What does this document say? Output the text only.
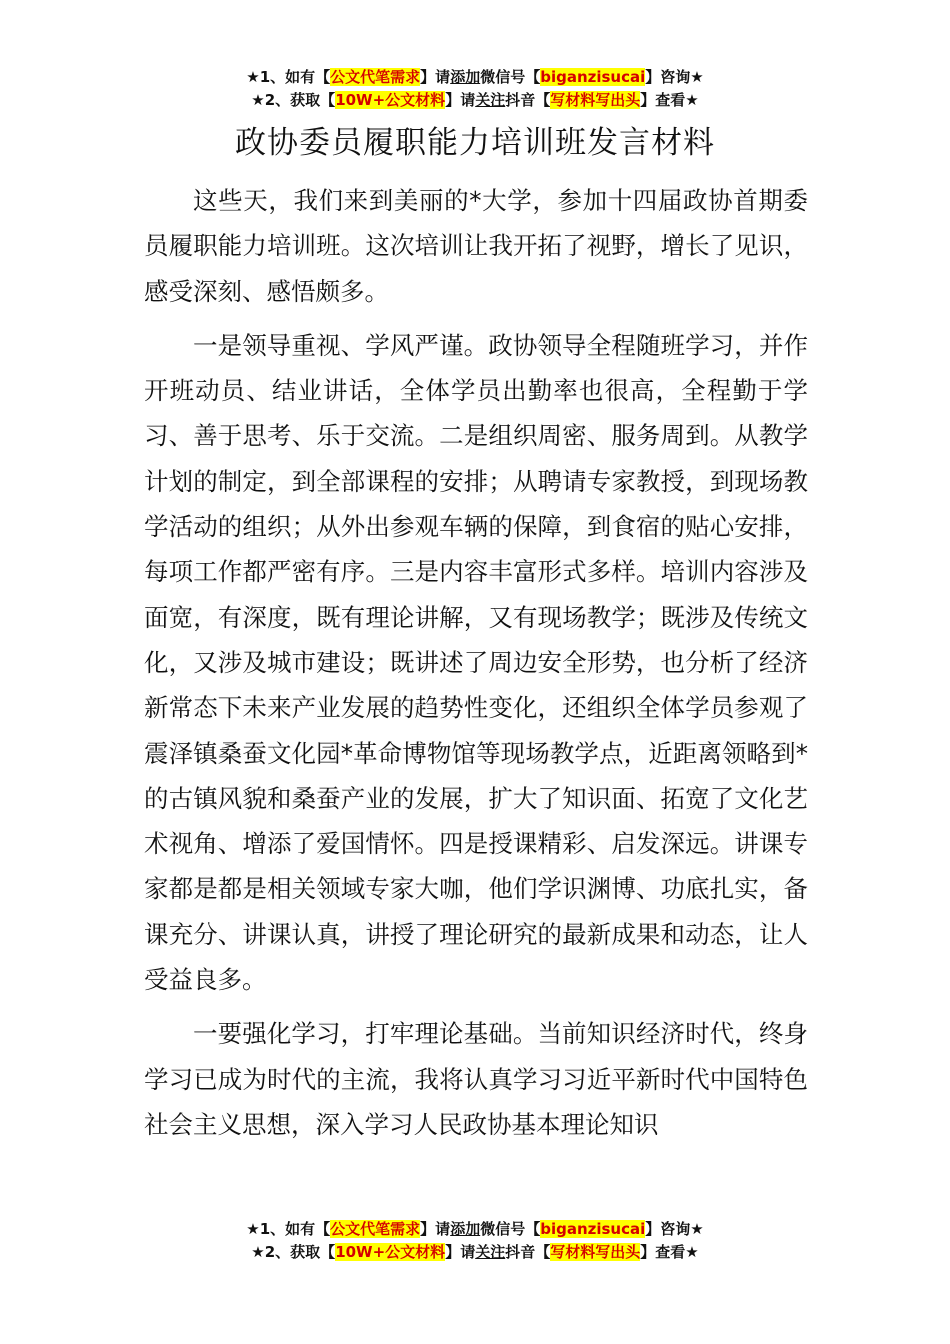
★1、如有【公文代笔需求】请添加微信号【biganzisucai】咨询★
★2、获取【10W+公文材料】请关注抖音【写材料写出头】查看★
政协委员履职能力培训班发言材料

这些天，我们来到美丽的*大学，参加十四届政协首期委员履职能力培训班。这次培训让我开拓了视野，增长了见识，感受深刻、感悟颇多。

一是领导重视、学风严谨。政协领导全程随班学习，并作开班动员、结业讲话，全体学员出勤率也很高，全程勤于学习、善于思考、乐于交流。二是组织周密、服务周到。从教学计划的制定，到全部课程的安排；从聘请专家教授，到现场教学活动的组织；从外出参观车辆的保障，到食宿的贴心安排，每项工作都严密有序。三是内容丰富形式多样。培训内容涉及面宽，有深度，既有理论讲解，又有现场教学；既涉及传统文化，又涉及城市建设；既讲述了周边安全形势，也分析了经济新常态下未来产业发展的趋势性变化，还组织全体学员参观了震泽镇桑蚕文化园*革命博物馆等现场教学点，近距离领略到*的古镇风貌和桑蚕产业的发展，扩大了知识面、拓宽了文化艺术视角、增添了爱国情怀。四是授课精彩、启发深远。讲课专家都是都是相关领域专家大咖，他们学识渊博、功底扎实，备课充分、讲课认真，讲授了理论研究的最新成果和动态，让人受益良多。

一要强化学习，打牢理论基础。当前知识经济时代，终身学习已成为时代的主流，我将认真学习习近平新时代中国特色社会主义思想，深入学习人民政协基本理论知识

★1、如有【公文代笔需求】请添加微信号【biganzisucai】咨询★
★2、获取【10W+公文材料】请关注抖音【写材料写出头】查看★
